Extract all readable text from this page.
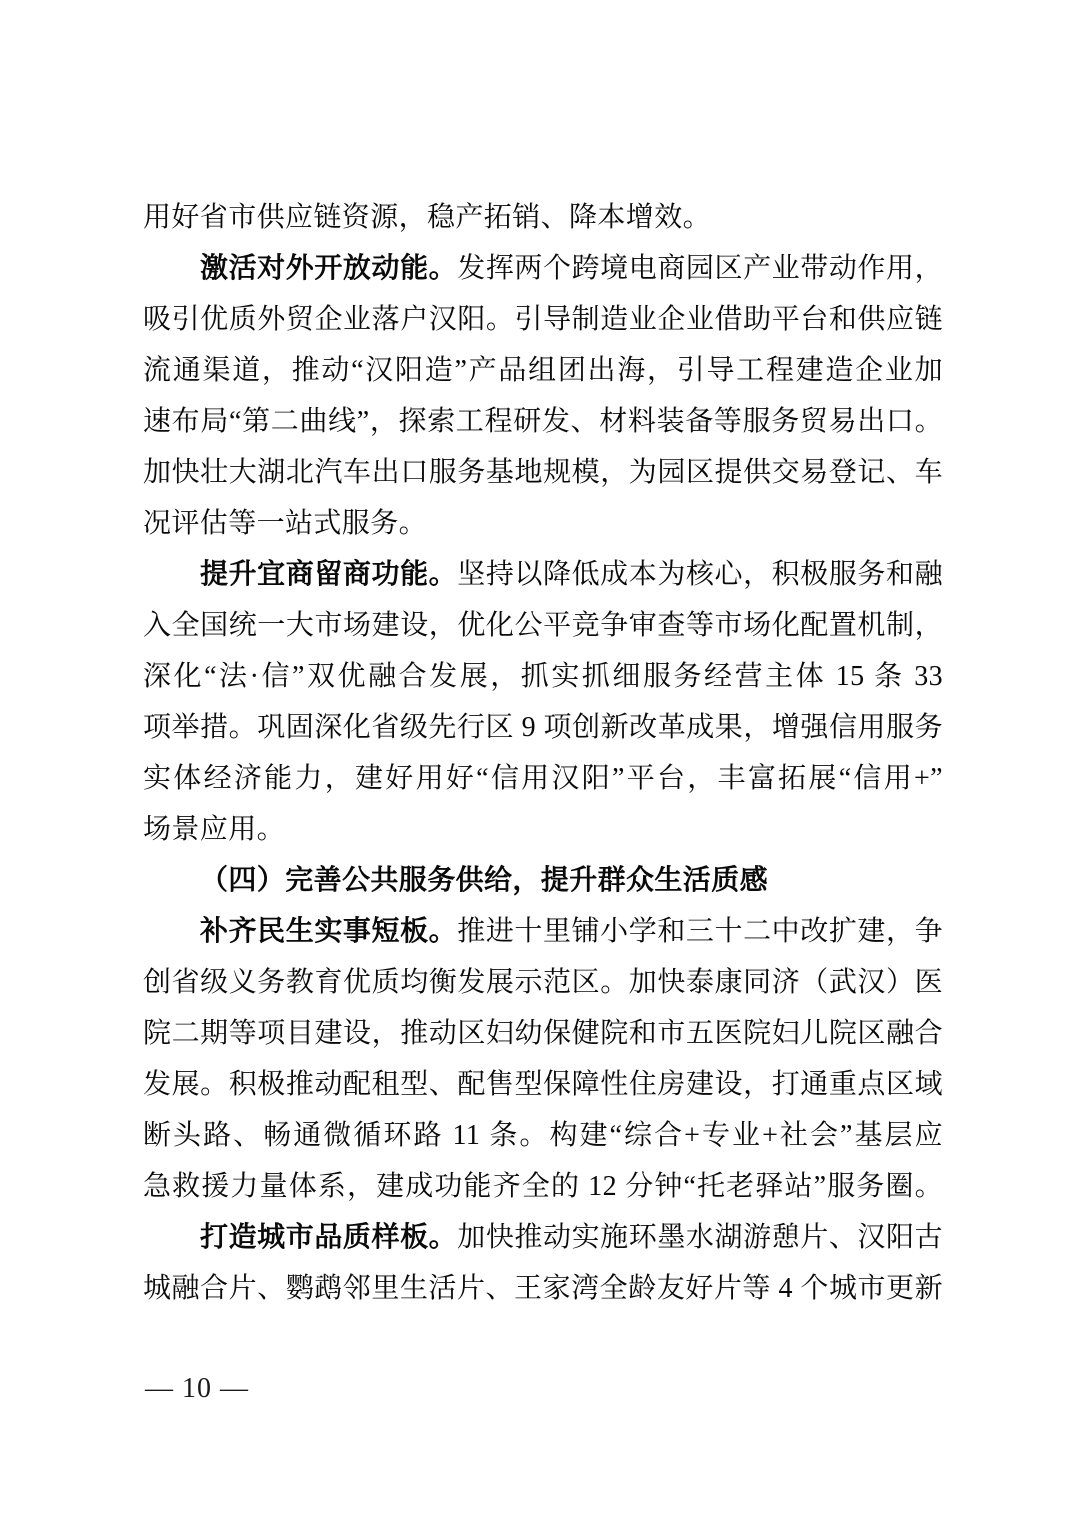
用好省市供应链资源，稳产拓销、降本增效。
激活对外开放动能。发挥两个跨境电商园区产业带动作用，
吸引优质外贸企业落户汉阳。引导制造业企业借助平台和供应链
流通渠道，推动“汉阳造”产品组团出海，引导工程建造企业加
速布局“第二曲线”，探索工程研发、材料装备等服务贸易出口。
加快壮大湖北汽车出口服务基地规模，为园区提供交易登记、车
况评估等一站式服务。
提升宜商留商功能。坚持以降低成本为核心，积极服务和融
入全国统一大市场建设，优化公平竞争审查等市场化配置机制，
深化“法·信”双优融合发展，抓实抓细服务经营主体 15 条 33
项举措。巩固深化省级先行区 9 项创新改革成果，增强信用服务
实体经济能力，建好用好“信用汉阳”平台，丰富拓展“信用+”
场景应用。
（四）完善公共服务供给，提升群众生活质感
补齐民生实事短板。推进十里铺小学和三十二中改扩建，争
创省级义务教育优质均衡发展示范区。加快泰康同济（武汉）医
院二期等项目建设，推动区妇幼保健院和市五医院妇儿院区融合
发展。积极推动配租型、配售型保障性住房建设，打通重点区域
断头路、畅通微循环路 11 条。构建“综合+专业+社会”基层应
急救援力量体系，建成功能齐全的 12 分钟“托老驿站”服务圈。
打造城市品质样板。加快推动实施环墨水湖游憩片、汉阳古
城融合片、鹦鹉邻里生活片、王家湾全龄友好片等 4 个城市更新
— 10 —
